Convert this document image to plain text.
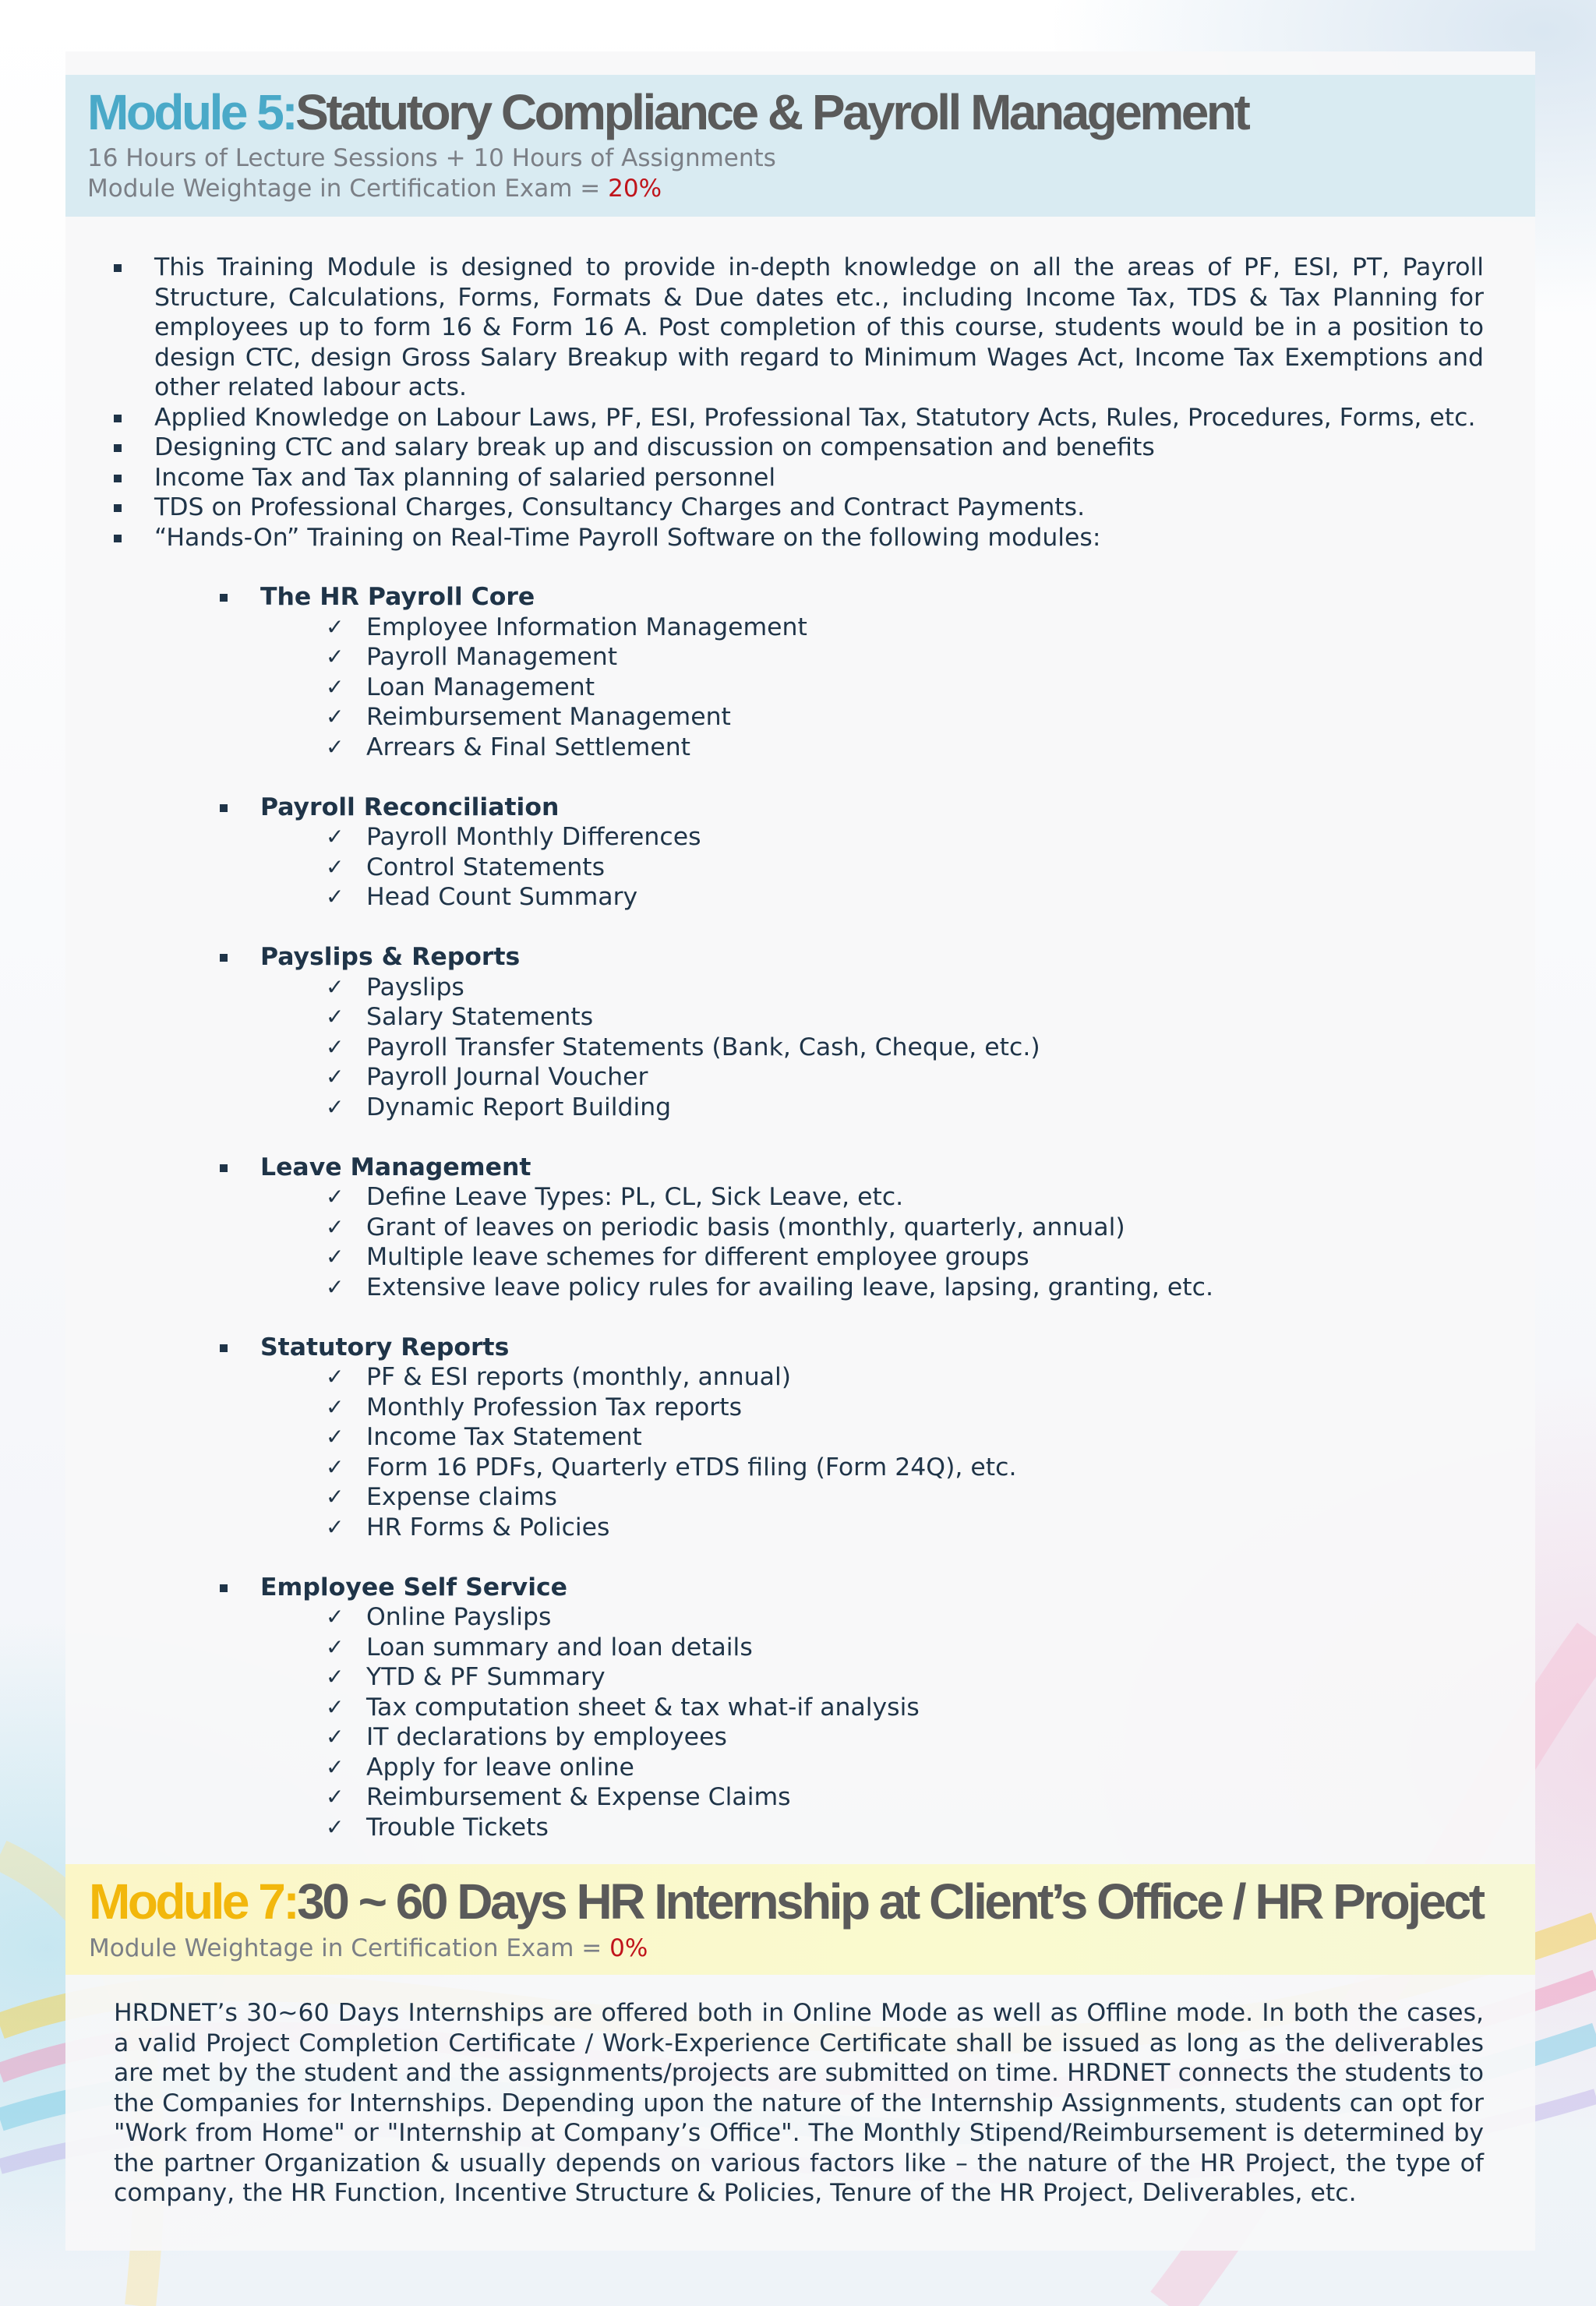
Module 5:Statutory Compliance & Payroll Management

16 Hours of Lecture Sessions + 10 Hours of Assignments

Module Weightage in Certification Exam = 20%

This Training Module is designed to provide in-depth knowledge on all the areas of PF, ESI, PT, Payroll Structure, Calculations, Forms, Formats & Due dates etc., including Income Tax, TDS & Tax Planning for employees up to form 16 & Form 16 A. Post completion of this course, students would be in a position to design CTC, design Gross Salary Breakup with regard to Minimum Wages Act, Income Tax Exemptions and other related labour acts.
Applied Knowledge on Labour Laws, PF, ESI, Professional Tax, Statutory Acts, Rules, Procedures, Forms, etc.
Designing CTC and salary break up and discussion on compensation and benefits
Income Tax and Tax planning of salaried personnel
TDS on Professional Charges, Consultancy Charges and Contract Payments.
“Hands-On” Training on Real-Time Payroll Software on the following modules:
The HR Payroll Core
✓ Employee Information Management
✓ Payroll Management
✓ Loan Management
✓ Reimbursement Management
✓ Arrears & Final Settlement
Payroll Reconciliation
✓ Payroll Monthly Differences
✓ Control Statements
✓ Head Count Summary
Payslips & Reports
✓ Payslips
✓ Salary Statements
✓ Payroll Transfer Statements (Bank, Cash, Cheque, etc.)
✓ Payroll Journal Voucher
✓ Dynamic Report Building
Leave Management
✓ Define Leave Types: PL, CL, Sick Leave, etc.
✓ Grant of leaves on periodic basis (monthly, quarterly, annual)
✓ Multiple leave schemes for different employee groups
✓ Extensive leave policy rules for availing leave, lapsing, granting, etc.
Statutory Reports
✓ PF & ESI reports (monthly, annual)
✓ Monthly Profession Tax reports
✓ Income Tax Statement
✓ Form 16 PDFs, Quarterly eTDS filing (Form 24Q), etc.
✓ Expense claims
✓ HR Forms & Policies
Employee Self Service
✓ Online Payslips
✓ Loan summary and loan details
✓ YTD & PF Summary
✓ Tax computation sheet & tax what-if analysis
✓ IT declarations by employees
✓ Apply for leave online
✓ Reimbursement & Expense Claims
✓ Trouble Tickets
Module 7:30 ~ 60 Days HR Internship at Client’s Office / HR Project

Module Weightage in Certification Exam = 0%

HRDNET’s 30~60 Days Internships are offered both in Online Mode as well as Offline mode. In both the cases, a valid Project Completion Certificate / Work-Experience Certificate shall be issued as long as the deliverables are met by the student and the assignments/projects are submitted on time. HRDNET connects the students to the Companies for Internships. Depending upon the nature of the Internship Assignments, students can opt for "Work from Home" or "Internship at Company’s Office". The Monthly Stipend/Reimbursement is determined by the partner Organization & usually depends on various factors like – the nature of the HR Project, the type of company, the HR Function, Incentive Structure & Policies, Tenure of the HR Project, Deliverables, etc.
